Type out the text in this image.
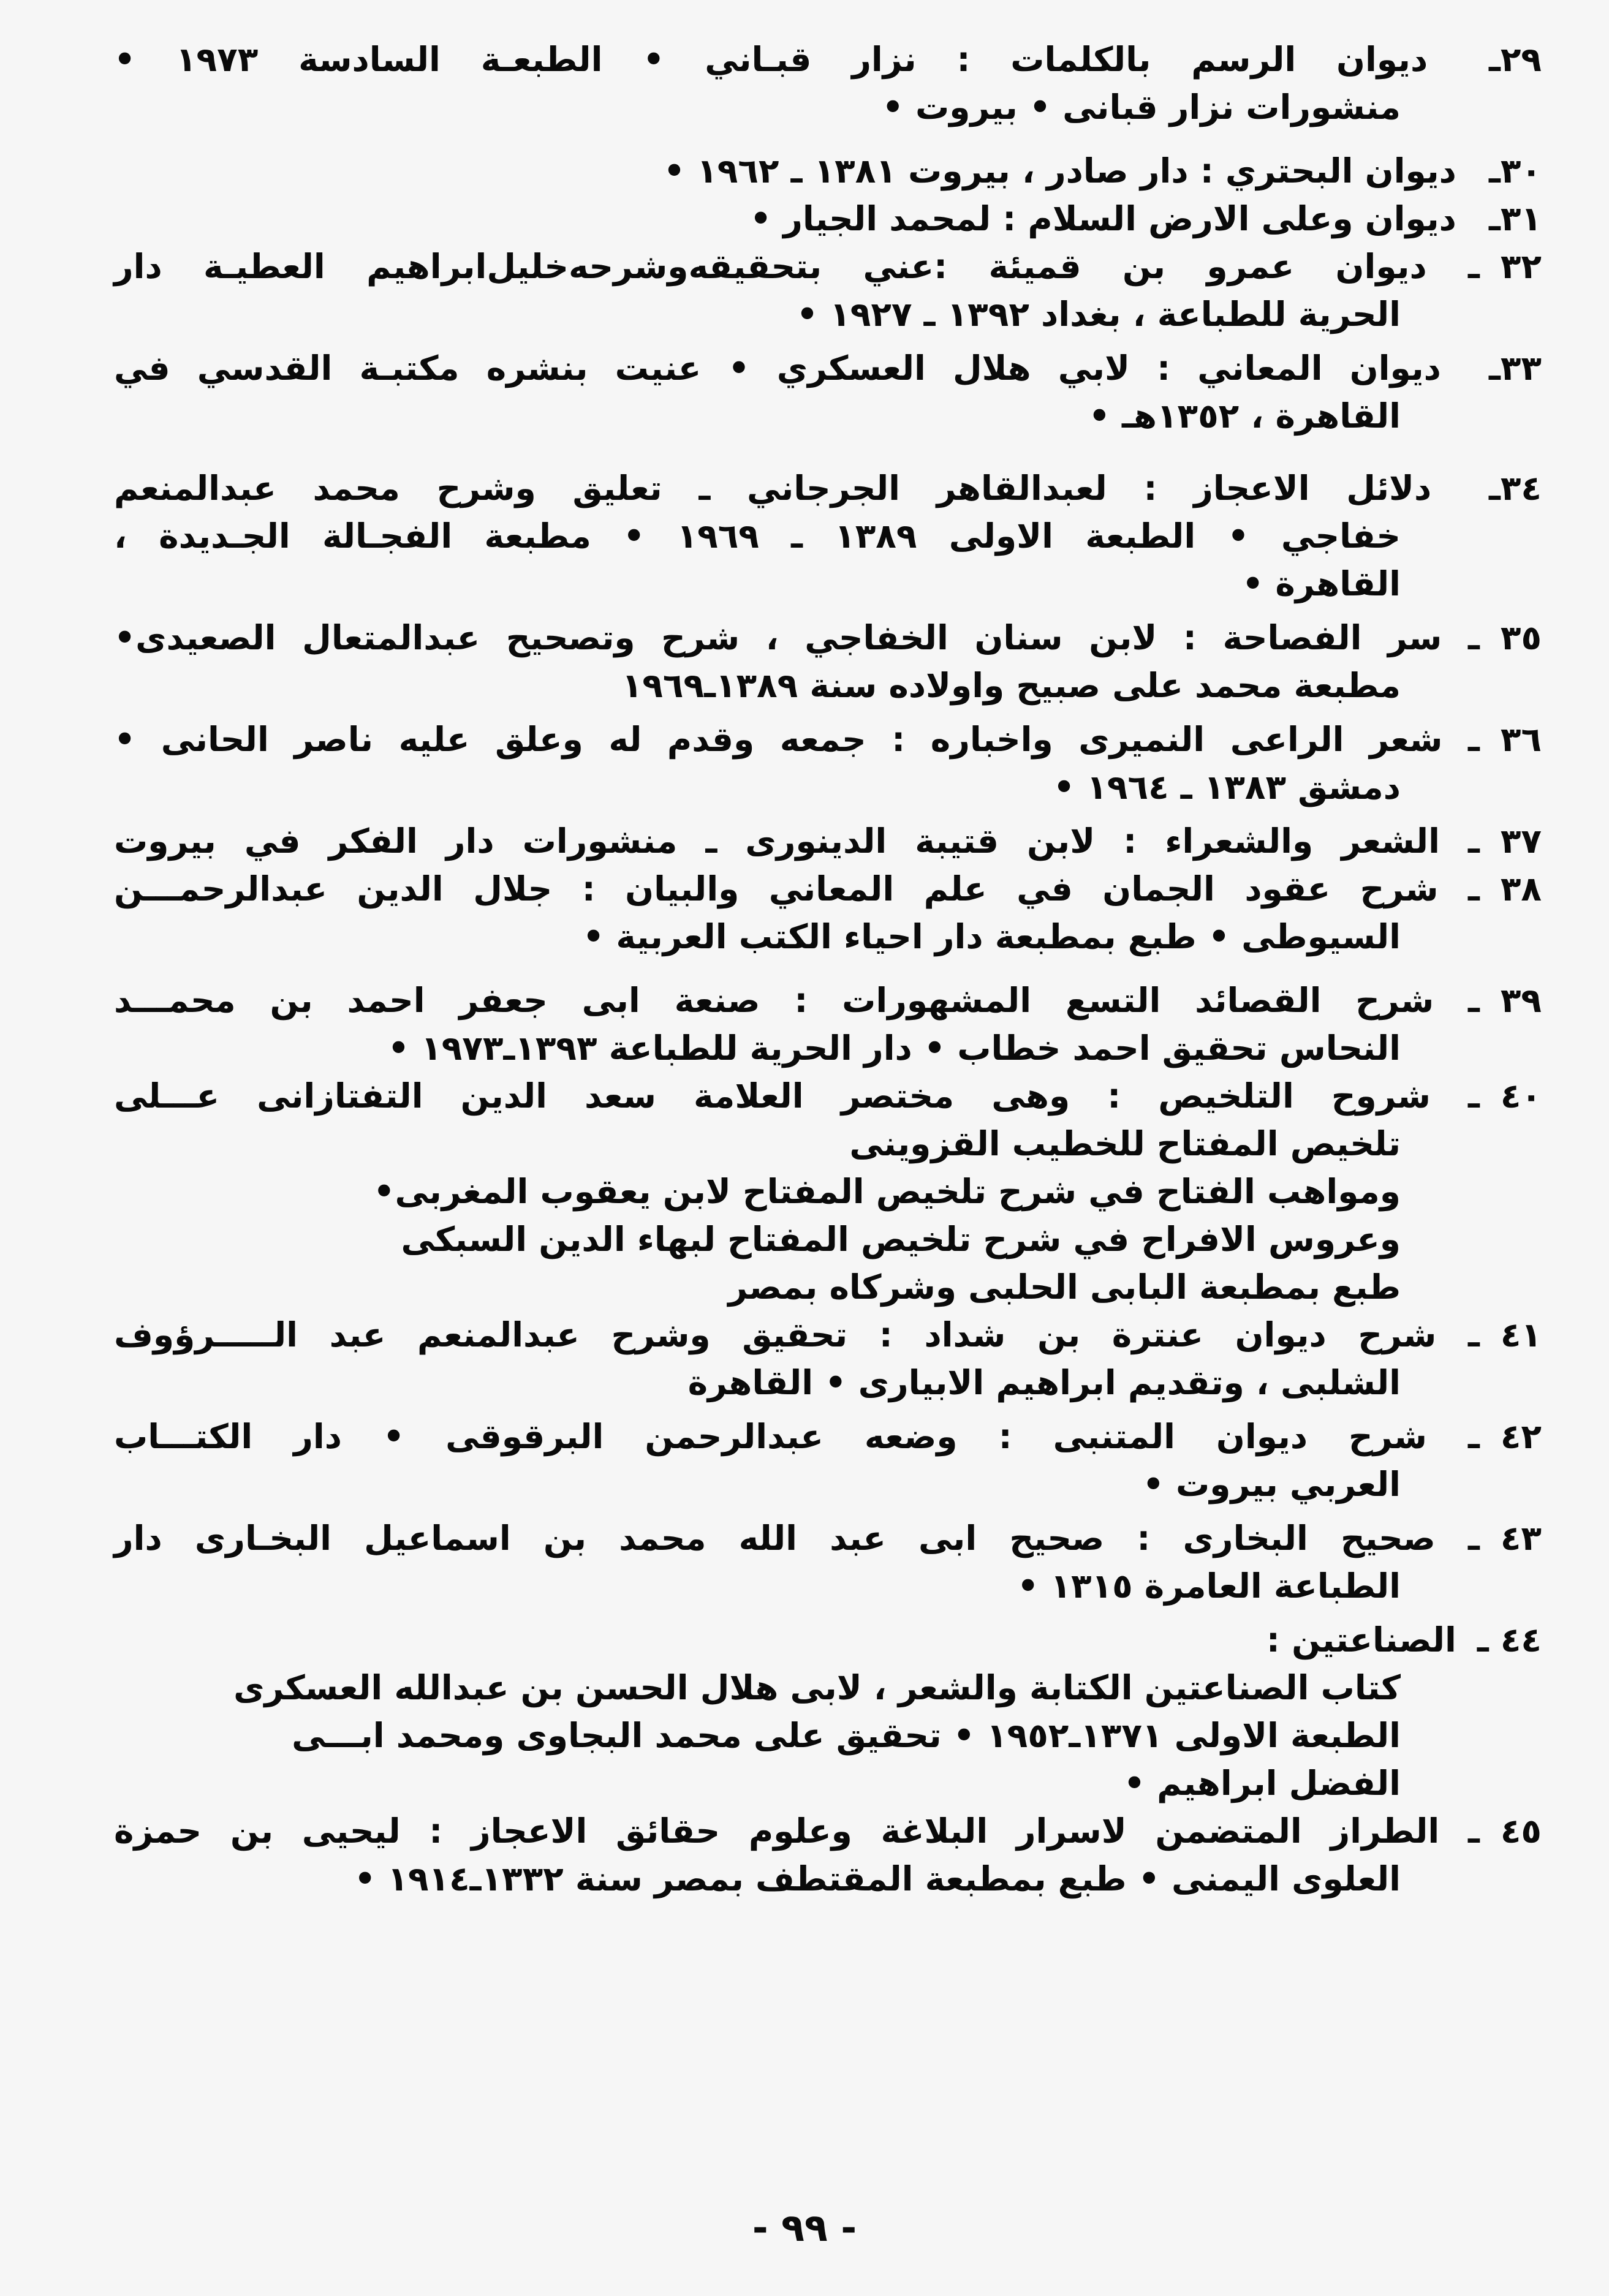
٢٩ـ ديوان الرسم بالكلمات : نزار قبـاني • الطبعـة السادسة ١٩٧٣ •
منشورات نزار قبانى • بيروت •
٣٠ـ ديوان البحتري : دار صادر ، بيروت ١٣٨١ ـ ١٩٦٢ •
٣١ـ ديوان وعلى الارض السلام : لمحمد الجيار •
٣٢ ـ ديوان عمرو بن قميئة :عني بتحقيقه‌وشرحه‌خليل‌ابراهيم العطيـة دار
الحرية للطباعة ، بغداد ١٣٩٢ ـ ١٩٢٧ •
٣٣ـ ديوان المعاني : لابي هلال العسكري • عنيت بنشره مكتبـة القدسي في
القاهرة ، ١٣٥٢هـ •
٣٤ـ دلائل الاعجاز : لعبدالقاهر الجرجاني ـ تعليق وشرح محمد عبدالمنعم
خفاجي • الطبعة الاولى ١٣٨٩ ـ ١٩٦٩ • مطبعة الفجـالة الجـديدة ،
القاهرة •
٣٥ ـ سر الفصاحة : لابن سنان الخفاجي ، شرح وتصحيح عبدالمتعال الصعيدى•
مطبعة محمد على صبيح واولاده سنة ١٣٨٩ـ١٩٦٩
٣٦ ـ شعر الراعى النميرى واخباره : جمعه وقدم له وعلق عليه ناصر الحانى •
دمشق ١٣٨٣ ـ ١٩٦٤ •
٣٧ ـ الشعر والشعراء : لابن قتيبة الدينورى ـ منشورات دار الفكر في بيروت
٣٨ ـ شرح عقود الجمان في علم المعاني والبيان : جلال الدين عبدالرحمـــن
السيوطى • طبع بمطبعة دار احياء الكتب العربية •
٣٩ ـ شرح القصائد التسع المشهورات : صنعة ابى جعفر احمد بن محمـــد
النحاس تحقيق احمد خطاب • دار الحرية للطباعة ١٣٩٣ـ١٩٧٣ •
٤٠ ـ شروح التلخيص : وهى مختصر العلامة سعد الدين التفتازانى عـــلى
تلخيص المفتاح للخطيب القزوينى
ومواهب الفتاح في شرح تلخيص المفتاح لابن يعقوب المغربى•
وعروس الافراح في شرح تلخيص المفتاح لبهاء الدين السبكى
طبع بمطبعة البابى الحلبى وشركاه بمصر
٤١ ـ شرح ديوان عنترة بن شداد : تحقيق وشرح عبدالمنعم عبد الـــــرؤوف
الشلبى ، وتقديم ابراهيم الابيارى • القاهرة
٤٢ ـ شرح ديوان المتنبى : وضعه عبدالرحمن البرقوقى • دار الكتـــاب
العربي بيروت •
٤٣ ـ صحيح البخارى : صحيح ابى عبد الله محمد بن اسماعيل البخـارى دار
الطباعة العامرة ١٣١٥ •
٤٤ ـ الصناعتين :
كتاب الصناعتين الكتابة والشعر ، لابى هلال الحسن بن عبدالله العسكرى
الطبعة الاولى ١٣٧١ـ١٩٥٢ • تحقيق على محمد البجاوى ومحمد ابـــى
الفضل ابراهيم •
٤٥ ـ الطراز المتضمن لاسرار البلاغة وعلوم حقائق الاعجاز : ليحيى بن حمزة
العلوى اليمنى • طبع بمطبعة المقتطف بمصر سنة ١٣٣٢ـ١٩١٤ •
- ٩٩ -
